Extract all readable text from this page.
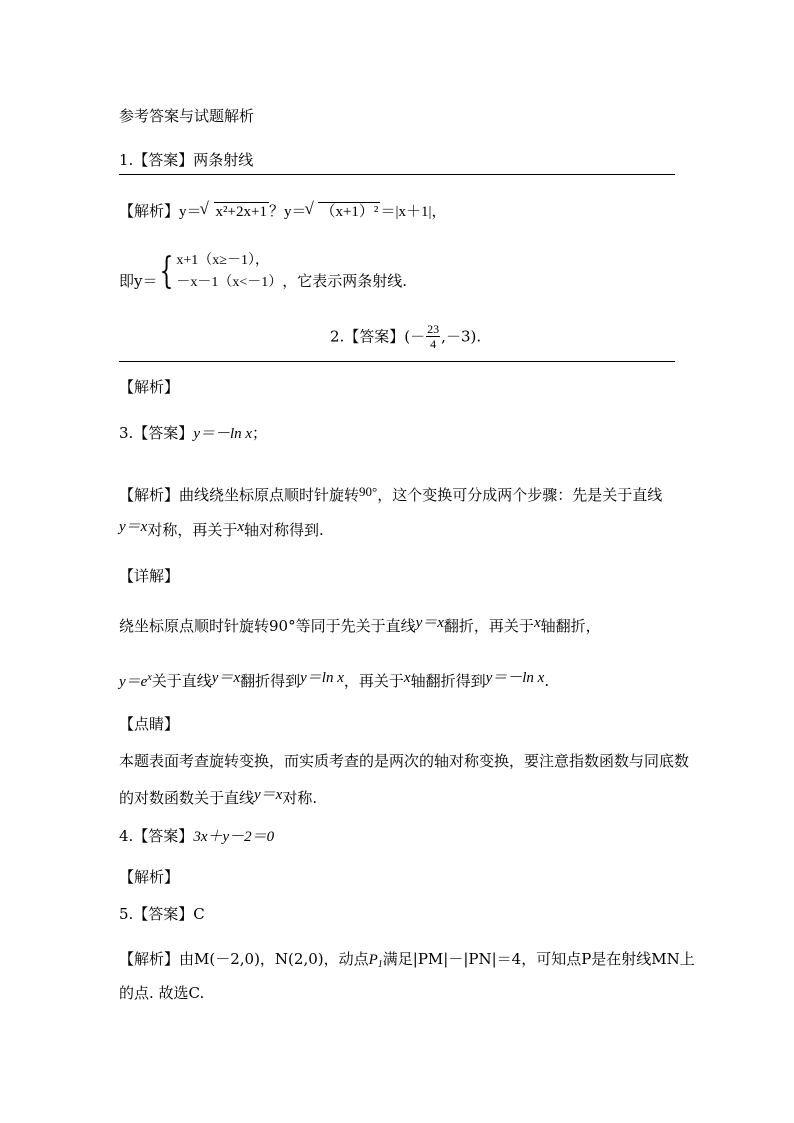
参考答案与试题解析
1.【答案】两条射线
【解析】y＝ √ x²+2x+1 ？y＝ √ （x+1）² ＝|x＋1|，
即y＝{ x+1（x≥－1），
－x－1（x<－1） ，它表示两条射线.
2.【答案】(－ $\frac{23}{4} ,-3$).
【解析】
3.【答案】y＝－ln x；
【解析】曲线绕坐标原点顺时针旋转90°，这个变换可分成两个步骤：先是关于直线
y＝x对称，再关于x轴对称得到.
【详解】
绕坐标原点顺时针旋转90°等同于先关于直线y＝x翻折，再关于x轴翻折，
$y=e^x$关于直线y＝x翻折得到y＝ln x，再关于x轴翻折得到y＝－ln x.
【点睛】
本题表面考查旋转变换，而实质考查的是两次的轴对称变换，要注意指数函数与同底数
的对数函数关于直线y＝x对称.
4.【答案】3x＋y－2＝0
【解析】
5.【答案】C
【解析】由M(－2,0)，N(2,0)，动点$P_1$满足|PM|－|PN|＝4，可知点P是在射线MN上
的点. 故选C.
